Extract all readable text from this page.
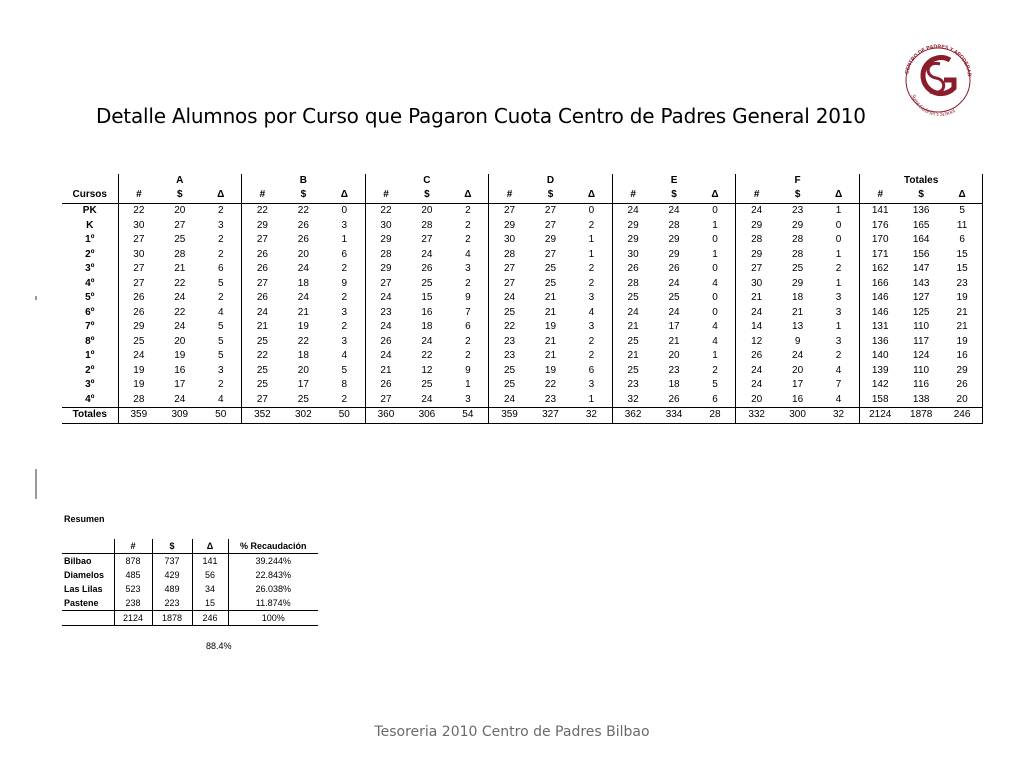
Detalle Alumnos por Curso que Pagaron Cuota Centro de Padres General 2010
CENTRO DE PADRES Y APODERAD
Saint Gabriel's School
		A			B			C			D			E			F			Totales	
Cursos	#	$	Δ	#	$	Δ	#	$	Δ	#	$	Δ	#	$	Δ	#	$	Δ	#	$	Δ
PK	22	20	2	22	22	0	22	20	2	27	27	0	24	24	0	24	23	1	141	136	5
K	30	27	3	29	26	3	30	28	2	29	27	2	29	28	1	29	29	0	176	165	11
1º	27	25	2	27	26	1	29	27	2	30	29	1	29	29	0	28	28	0	170	164	6
2º	30	28	2	26	20	6	28	24	4	28	27	1	30	29	1	29	28	1	171	156	15
3º	27	21	6	26	24	2	29	26	3	27	25	2	26	26	0	27	25	2	162	147	15
4º	27	22	5	27	18	9	27	25	2	27	25	2	28	24	4	30	29	1	166	143	23
5º	26	24	2	26	24	2	24	15	9	24	21	3	25	25	0	21	18	3	146	127	19
6º	26	22	4	24	21	3	23	16	7	25	21	4	24	24	0	24	21	3	146	125	21
7º	29	24	5	21	19	2	24	18	6	22	19	3	21	17	4	14	13	1	131	110	21
8º	25	20	5	25	22	3	26	24	2	23	21	2	25	21	4	12	9	3	136	117	19
1º	24	19	5	22	18	4	24	22	2	23	21	2	21	20	1	26	24	2	140	124	16
2º	19	16	3	25	20	5	21	12	9	25	19	6	25	23	2	24	20	4	139	110	29
3º	19	17	2	25	17	8	26	25	1	25	22	3	23	18	5	24	17	7	142	116	26
4º	28	24	4	27	25	2	27	24	3	24	23	1	32	26	6	20	16	4	158	138	20
Totales	359	309	50	352	302	50	360	306	54	359	327	32	362	334	28	332	300	32	2124	1878	246
Resumen
	#	$	Δ	% Recaudación
Bilbao	878	737	141	39.244%
Diamelos	485	429	56	22.843%
Las Lilas	523	489	34	26.038%
Pastene	238	223	15	11.874%
	2124	1878	246	100%
88.4%
Tesoreria 2010 Centro de Padres Bilbao
